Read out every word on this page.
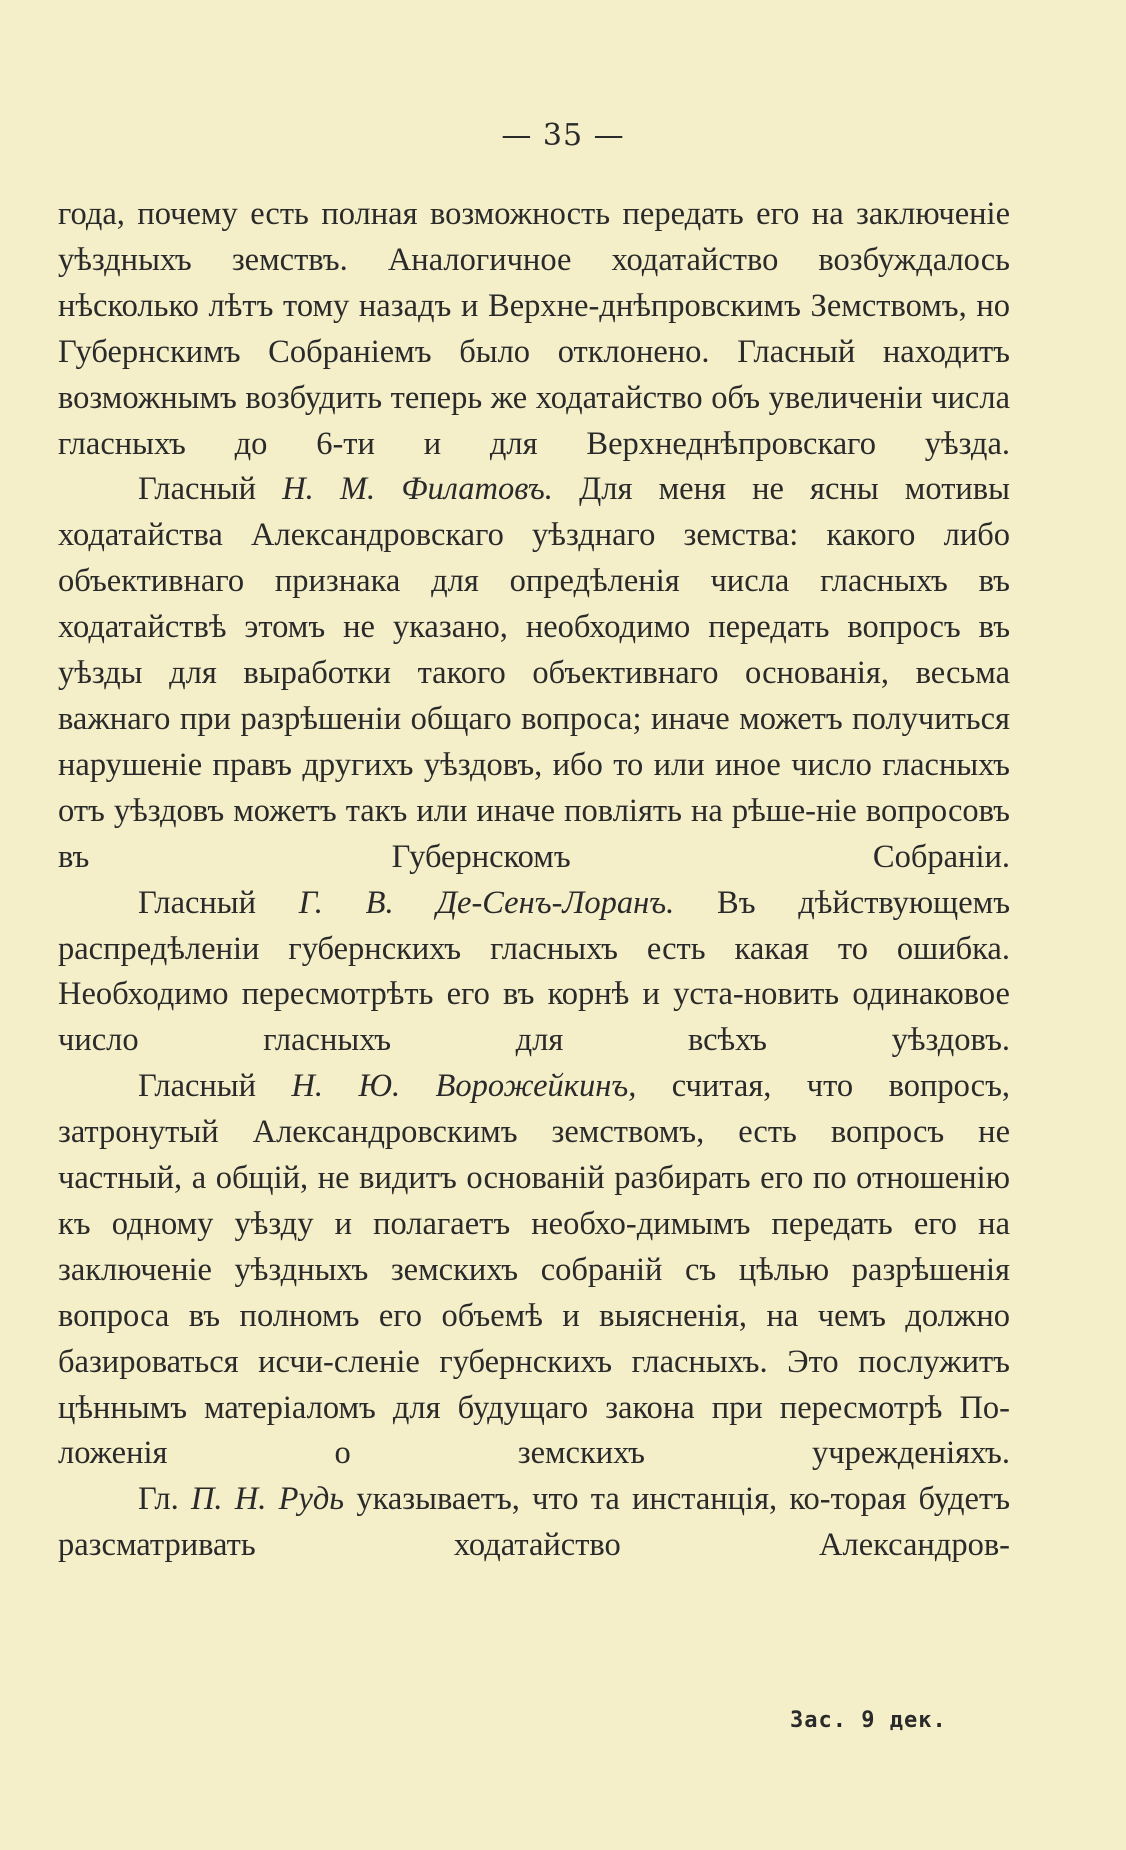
— 35 —

года, почему есть полная возможность передать его на заключеніе уѣздныхъ земствъ. Аналогичное ходатайство возбуждалось нѣсколько лѣтъ тому назадъ и Верхне-днѣпровскимъ Земствомъ, но Губернскимъ Собраніемъ было отклонено. Гласный находитъ возможнымъ возбудить теперь же ходатайство объ увеличеніи числа гласныхъ до 6-ти и для Верхнеднѣпровскаго уѣзда.

Гласный Н. М. Филатовъ. Для меня не ясны мотивы ходатайства Александровскаго уѣзднаго земства: какого либо объективнаго признака для опредѣленія числа гласныхъ въ ходатайствѣ этомъ не указано, необходимо передать вопросъ въ уѣзды для выработки такого объективнаго основанія, весьма важнаго при разрѣшеніи общаго вопроса; иначе можетъ получиться нарушеніе правъ другихъ уѣздовъ, ибо то или иное число гласныхъ отъ уѣздовъ можетъ такъ или иначе повліять на рѣше-ніе вопросовъ въ Губернскомъ Собраніи.

Гласный Г. В. Де-Сенъ-Лоранъ. Въ дѣйствующемъ распредѣленіи губернскихъ гласныхъ есть какая то ошибка. Необходимо пересмотрѣть его въ корнѣ и уста-новить одинаковое число гласныхъ для всѣхъ уѣздовъ.

Гласный Н. Ю. Ворожейкинъ, считая, что вопросъ, затронутый Александровскимъ земствомъ, есть вопросъ не частный, а общій, не видитъ основаній разбирать его по отношенію къ одному уѣзду и полагаетъ необхо-димымъ передать его на заключеніе уѣздныхъ земскихъ собраній съ цѣлью разрѣшенія вопроса въ полномъ его объемѣ и выясненія, на чемъ должно базироваться исчи-сленіе губернскихъ гласныхъ. Это послужитъ цѣннымъ матеріаломъ для будущаго закона при пересмотрѣ По-ложенія о земскихъ учрежденіяхъ.

Гл. П. Н. Рудь указываетъ, что та инстанція, ко-торая будетъ разсматривать ходатайство Александров-

Зас. 9 дек.
